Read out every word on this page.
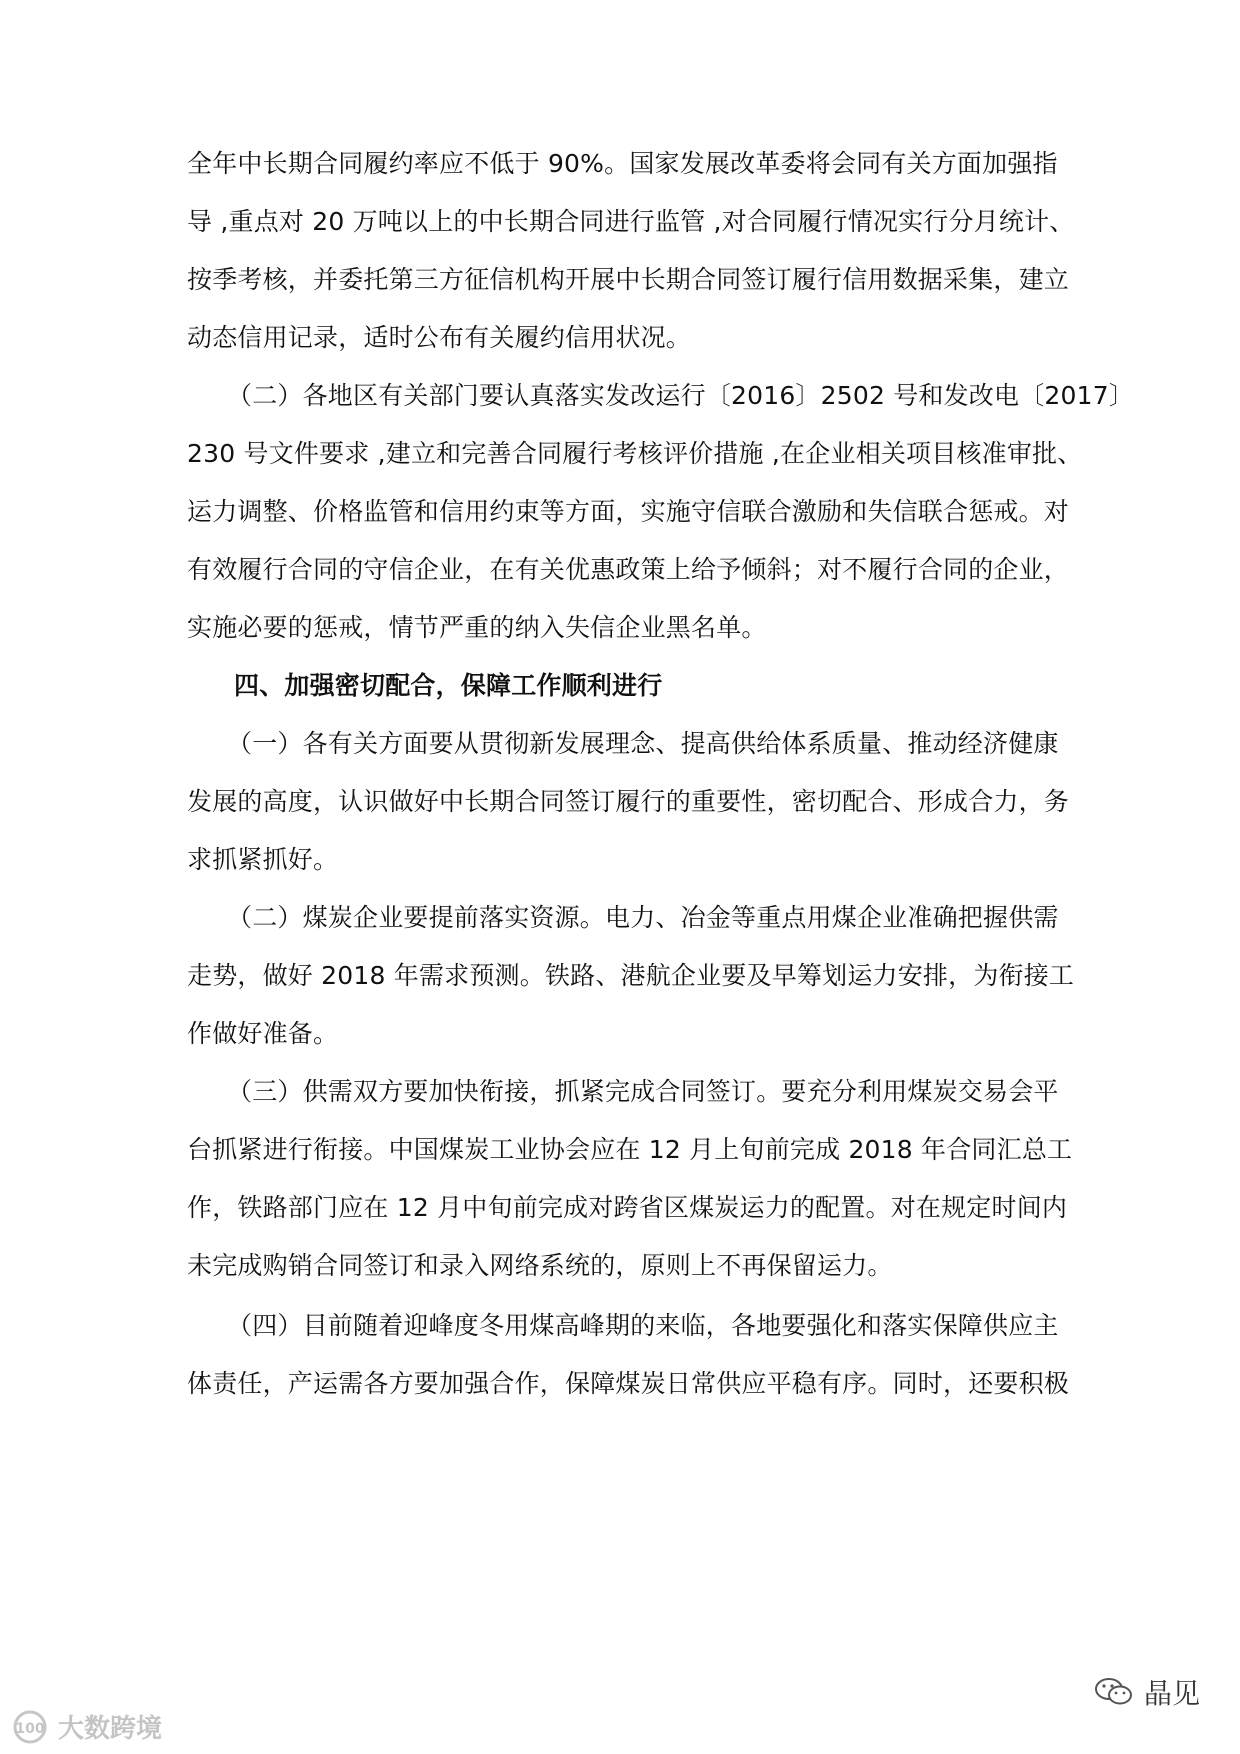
全年中长期合同履约率应不低于 90%。国家发展改革委将会同有关方面加强指
导 ,重点对 20 万吨以上的中长期合同进行监管 ,对合同履行情况实行分月统计、
按季考核，并委托第三方征信机构开展中长期合同签订履行信用数据采集，建立
动态信用记录，适时公布有关履约信用状况。
（二）各地区有关部门要认真落实发改运行〔2016〕2502 号和发改电〔2017〕
230 号文件要求 ,建立和完善合同履行考核评价措施 ,在企业相关项目核准审批、
运力调整、价格监管和信用约束等方面，实施守信联合激励和失信联合惩戒。对
有效履行合同的守信企业，在有关优惠政策上给予倾斜；对不履行合同的企业，
实施必要的惩戒，情节严重的纳入失信企业黑名单。
四、加强密切配合，保障工作顺利进行
（一）各有关方面要从贯彻新发展理念、提高供给体系质量、推动经济健康
发展的高度，认识做好中长期合同签订履行的重要性，密切配合、形成合力，务
求抓紧抓好。
（二）煤炭企业要提前落实资源。电力、冶金等重点用煤企业准确把握供需
走势，做好 2018 年需求预测。铁路、港航企业要及早筹划运力安排，为衔接工
作做好准备。
（三）供需双方要加快衔接，抓紧完成合同签订。要充分利用煤炭交易会平
台抓紧进行衔接。中国煤炭工业协会应在 12 月上旬前完成 2018 年合同汇总工
作，铁路部门应在 12 月中旬前完成对跨省区煤炭运力的配置。对在规定时间内
未完成购销合同签订和录入网络系统的，原则上不再保留运力。
（四）目前随着迎峰度冬用煤高峰期的来临，各地要强化和落实保障供应主
体责任，产运需各方要加强合作，保障煤炭日常供应平稳有序。同时，还要积极
100 大数跨境
晶见
